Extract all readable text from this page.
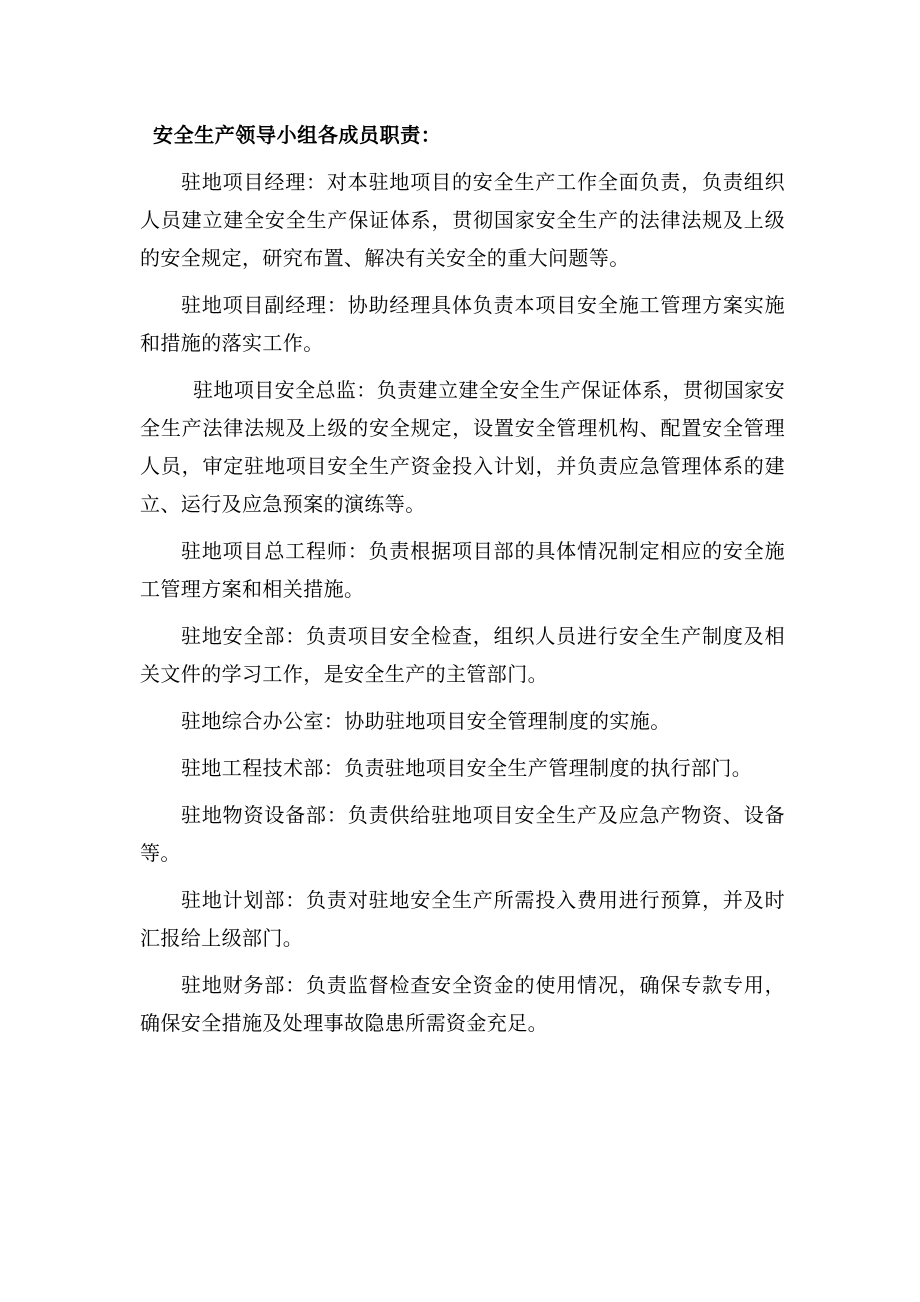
安全生产领导小组各成员职责：

驻地项目经理：对本驻地项目的安全生产工作全面负责，负责组织人员建立建全安全生产保证体系，贯彻国家安全生产的法律法规及上级的安全规定，研究布置、解决有关安全的重大问题等。

驻地项目副经理：协助经理具体负责本项目安全施工管理方案实施和措施的落实工作。

驻地项目安全总监：负责建立建全安全生产保证体系，贯彻国家安全生产法律法规及上级的安全规定，设置安全管理机构、配置安全管理人员，审定驻地项目安全生产资金投入计划，并负责应急管理体系的建立、运行及应急预案的演练等。

驻地项目总工程师：负责根据项目部的具体情况制定相应的安全施工管理方案和相关措施。

驻地安全部：负责项目安全检查，组织人员进行安全生产制度及相关文件的学习工作，是安全生产的主管部门。

驻地综合办公室：协助驻地项目安全管理制度的实施。

驻地工程技术部：负责驻地项目安全生产管理制度的执行部门。

驻地物资设备部：负责供给驻地项目安全生产及应急产物资、设备等。

驻地计划部：负责对驻地安全生产所需投入费用进行预算，并及时汇报给上级部门。

驻地财务部：负责监督检查安全资金的使用情况，确保专款专用，确保安全措施及处理事故隐患所需资金充足。
